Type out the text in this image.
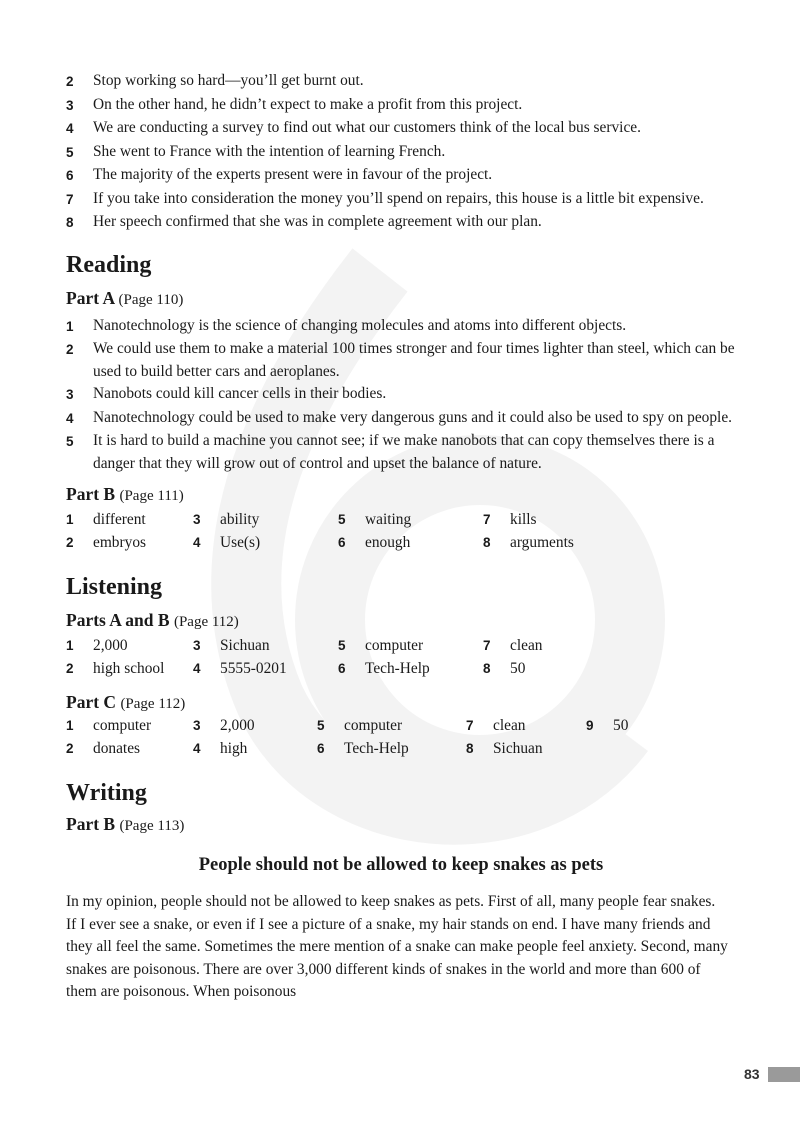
2	Stop working so hard—you’ll get burnt out.
3	On the other hand, he didn’t expect to make a profit from this project.
4	We are conducting a survey to find out what our customers think of the local bus service.
5	She went to France with the intention of learning French.
6	The majority of the experts present were in favour of the project.
7	If you take into consideration the money you’ll spend on repairs, this house is a little bit expensive.
8	Her speech confirmed that she was in complete agreement with our plan.
Reading
Part A (Page 110)
1	Nanotechnology is the science of changing molecules and atoms into different objects.
2	We could use them to make a material 100 times stronger and four times lighter than steel, which can be used to build better cars and aeroplanes.
3	Nanobots could kill cancer cells in their bodies.
4	Nanotechnology could be used to make very dangerous guns and it could also be used to spy on people.
5	It is hard to build a machine you cannot see; if we make nanobots that can copy themselves there is a danger that they will grow out of control and upset the balance of nature.
Part B (Page 111)
1 different	3 ability	5 waiting	7 kills
2 embryos	4 Use(s)	6 enough	8 arguments
Listening
Parts A and B (Page 112)
1 2,000	3 Sichuan	5 computer	7 clean
2 high school 4 5555-0201	6 Tech-Help	8 50
Part C (Page 112)
1 computer	3 2,000	5 computer	7 clean	9 50
2 donates	4 high	6 Tech-Help	8 Sichuan
Writing
Part B (Page 113)
People should not be allowed to keep snakes as pets

In my opinion, people should not be allowed to keep snakes as pets. First of all, many people fear snakes. If I ever see a snake, or even if I see a picture of a snake, my hair stands on end. I have many friends and they all feel the same. Sometimes the mere mention of a snake can make people feel anxiety. Second, many snakes are poisonous. There are over 3,000 different kinds of snakes in the world and more than 600 of them are poisonous. When poisonous

83
